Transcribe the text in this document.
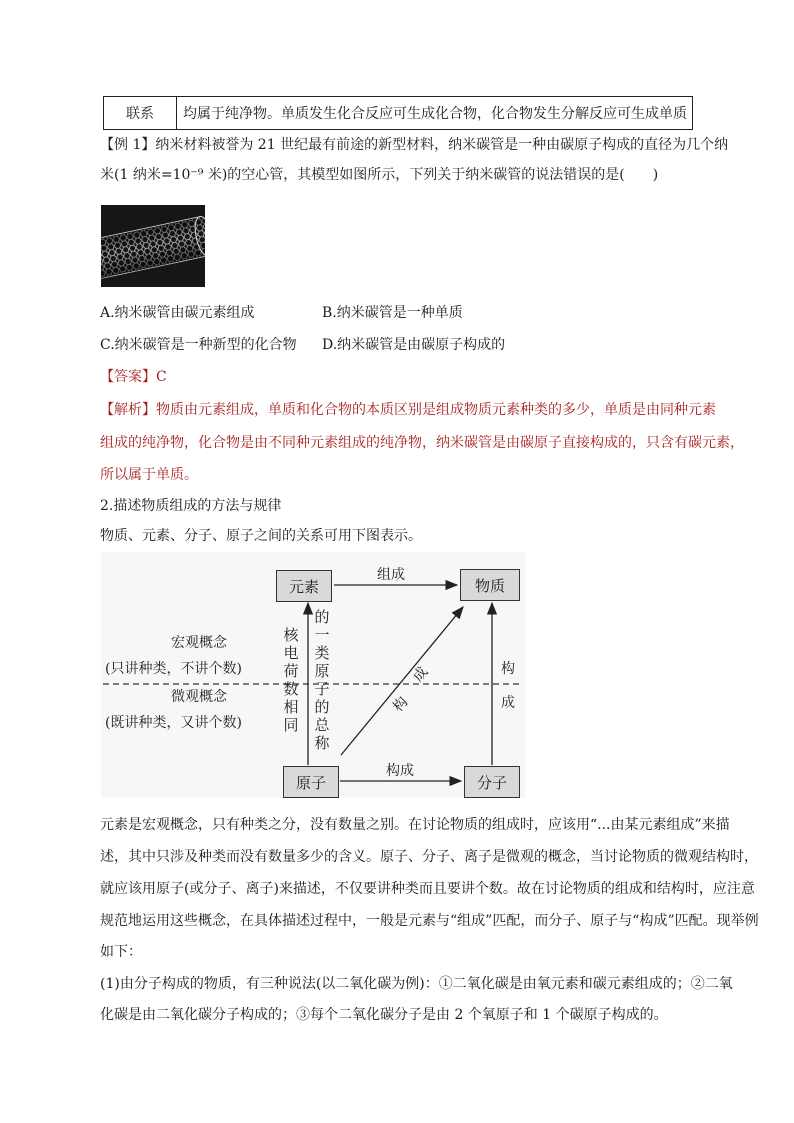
联系	均属于纯净物。单质发生化合反应可生成化合物，化合物发生分解反应可生成单质
【例 1】纳米材料被誉为 21 世纪最有前途的新型材料，纳米碳管是一种由碳原子构成的直径为几个纳
米(1 纳米=10⁻⁹ 米)的空心管，其模型如图所示，下列关于纳米碳管的说法错误的是(　　)
A.纳米碳管由碳元素组成	B.纳米碳管是一种单质
C.纳米碳管是一种新型的化合物	D.纳米碳管是由碳原子构成的
【答案】C
【解析】物质由元素组成，单质和化合物的本质区别是组成物质元素种类的多少，单质是由同种元素
组成的纯净物，化合物是由不同种元素组成的纯净物，纳米碳管是由碳原子直接构成的，只含有碳元素，
所以属于单质。
2.描述物质组成的方法与规律
物质、元素、分子、原子之间的关系可用下图表示。
元素	物质
原子	分子
组成
构成
构
成
成
构
宏观概念
(只讲种类，不讲个数)
微观概念
(既讲种类，又讲个数)
核
电
荷
数
相
同
的
一
类
原
子
的
总
称
元素是宏观概念，只有种类之分，没有数量之别。在讨论物质的组成时，应该用“...由某元素组成”来描
述，其中只涉及种类而没有数量多少的含义。原子、分子、离子是微观的概念，当讨论物质的微观结构时，
就应该用原子(或分子、离子)来描述，不仅要讲种类而且要讲个数。故在讨论物质的组成和结构时，应注意
规范地运用这些概念，在具体描述过程中，一般是元素与“组成”匹配，而分子、原子与“构成”匹配。现举例
如下：
(1)由分子构成的物质，有三种说法(以二氧化碳为例)：①二氧化碳是由氧元素和碳元素组成的；②二氧
化碳是由二氧化碳分子构成的；③每个二氧化碳分子是由 2 个氧原子和 1 个碳原子构成的。
